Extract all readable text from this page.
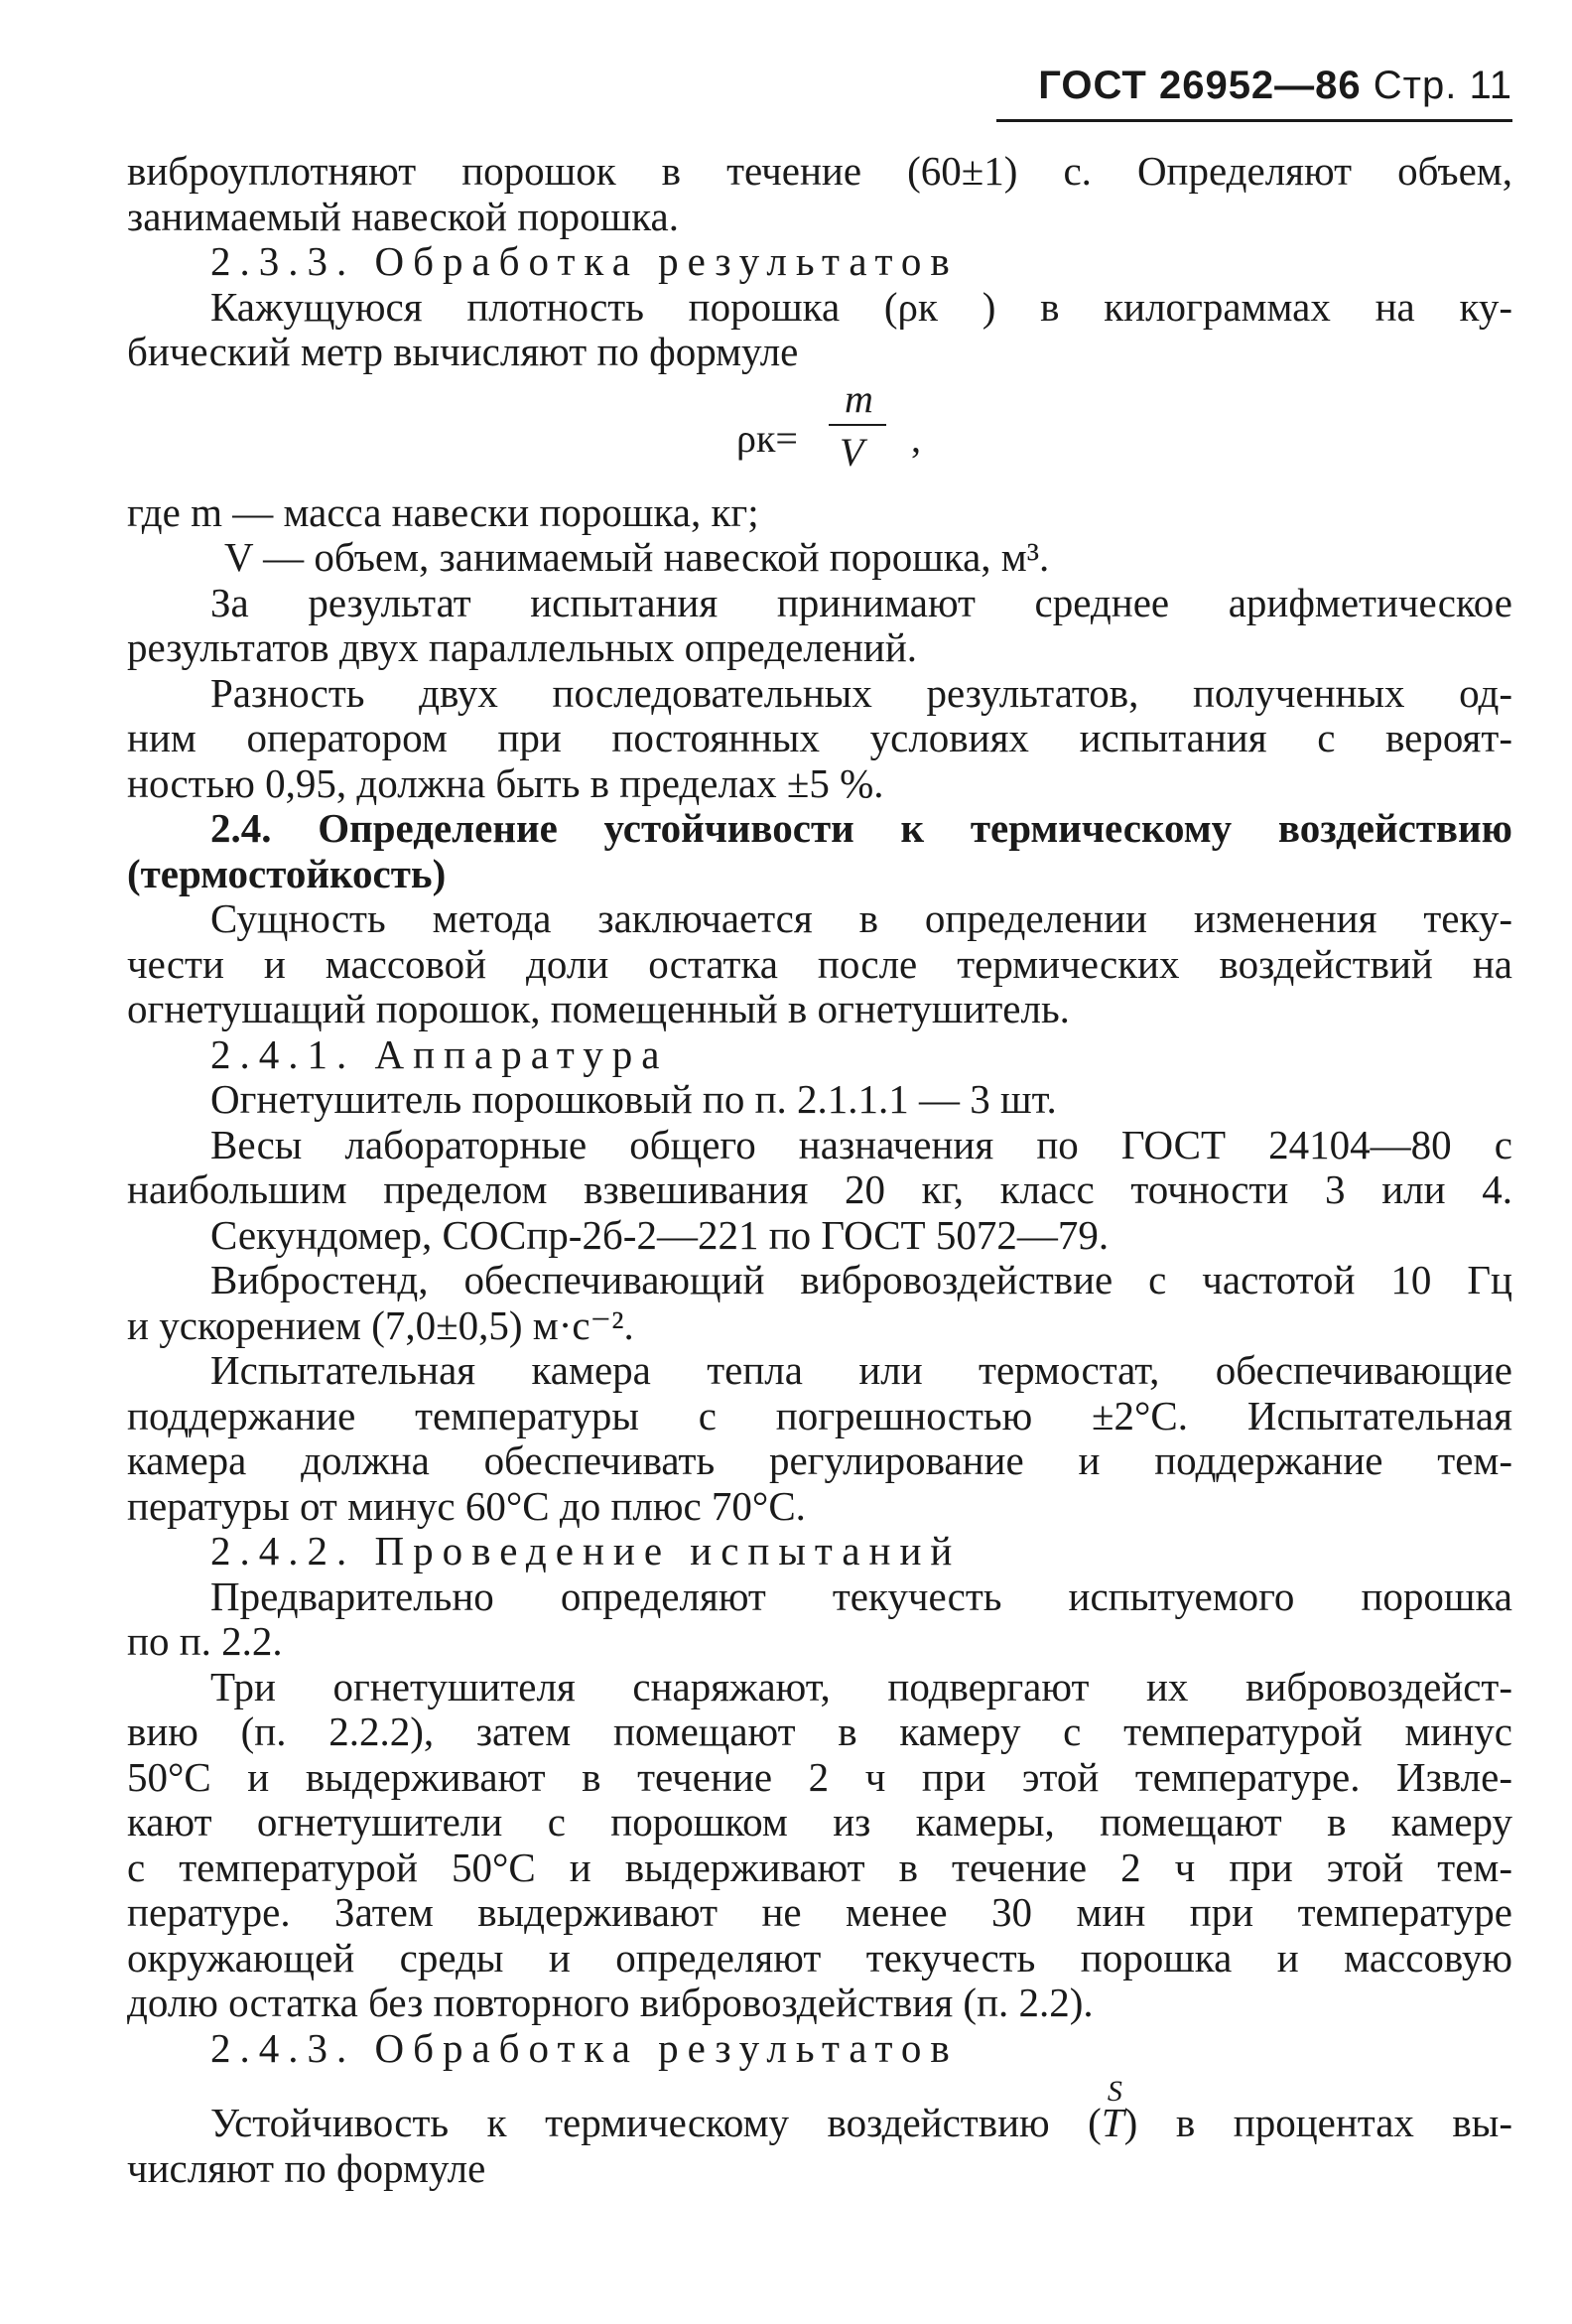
ГОСТ 26952—86 Стр. 11
виброуплотняют порошок в течение (60±1) с. Определяют объем,
занимаемый навеской порошка.
2.3.3. Обработка результатов
Кажущуюся плотность порошка (ρк ) в килограммах на ку-
бический метр вычисляют по формуле
ρк=
m
V ,
где m — масса навески порошка, кг;
V — объем, занимаемый навеской порошка, м³.
За результат испытания принимают среднее арифметическое
результатов двух параллельных определений.
Разность двух последовательных результатов, полученных од-
ним оператором при постоянных условиях испытания с вероят-
ностью 0,95, должна быть в пределах ±5 %.
2.4. Определение устойчивости к термическому воздействию
(термостойкость)
Сущность метода заключается в определении изменения теку-
чести и массовой доли остатка после термических воздействий на
огнетушащий порошок, помещенный в огнетушитель.
2.4.1. Аппаратура
Огнетушитель порошковый по п. 2.1.1.1 — 3 шт.
Весы лабораторные общего назначения по ГОСТ 24104—80 с
наибольшим пределом взвешивания 20 кг, класс точности 3 или 4.
Секундомер, СОСпр-2б-2—221 по ГОСТ 5072—79.
Вибростенд, обеспечивающий вибровоздействие с частотой 10 Гц
и ускорением (7,0±0,5) м·с⁻².
Испытательная камера тепла или термостат, обеспечивающие
поддержание температуры с погрешностью ±2°С. Испытательная
камера должна обеспечивать регулирование и поддержание тем-
пературы от минус 60°С до плюс 70°С.
2.4.2. Проведение испытаний
Предварительно определяют текучесть испытуемого порошка
по п. 2.2.
Три огнетушителя снаряжают, подвергают их вибровоздейст-
вию (п. 2.2.2), затем помещают в камеру с температурой минус
50°С и выдерживают в течение 2 ч при этой температуре. Извле-
кают огнетушители с порошком из камеры, помещают в камеру
с температурой 50°С и выдерживают в течение 2 ч при этой тем-
пературе. Затем выдерживают не менее 30 мин при температуре
окружающей среды и определяют текучесть порошка и массовую
долю остатка без повторного вибровоздействия (п. 2.2).
2.4.3. Обработка результатов
Устойчивость к термическому воздействию (
S
T) в процентах вы-
числяют по формуле
